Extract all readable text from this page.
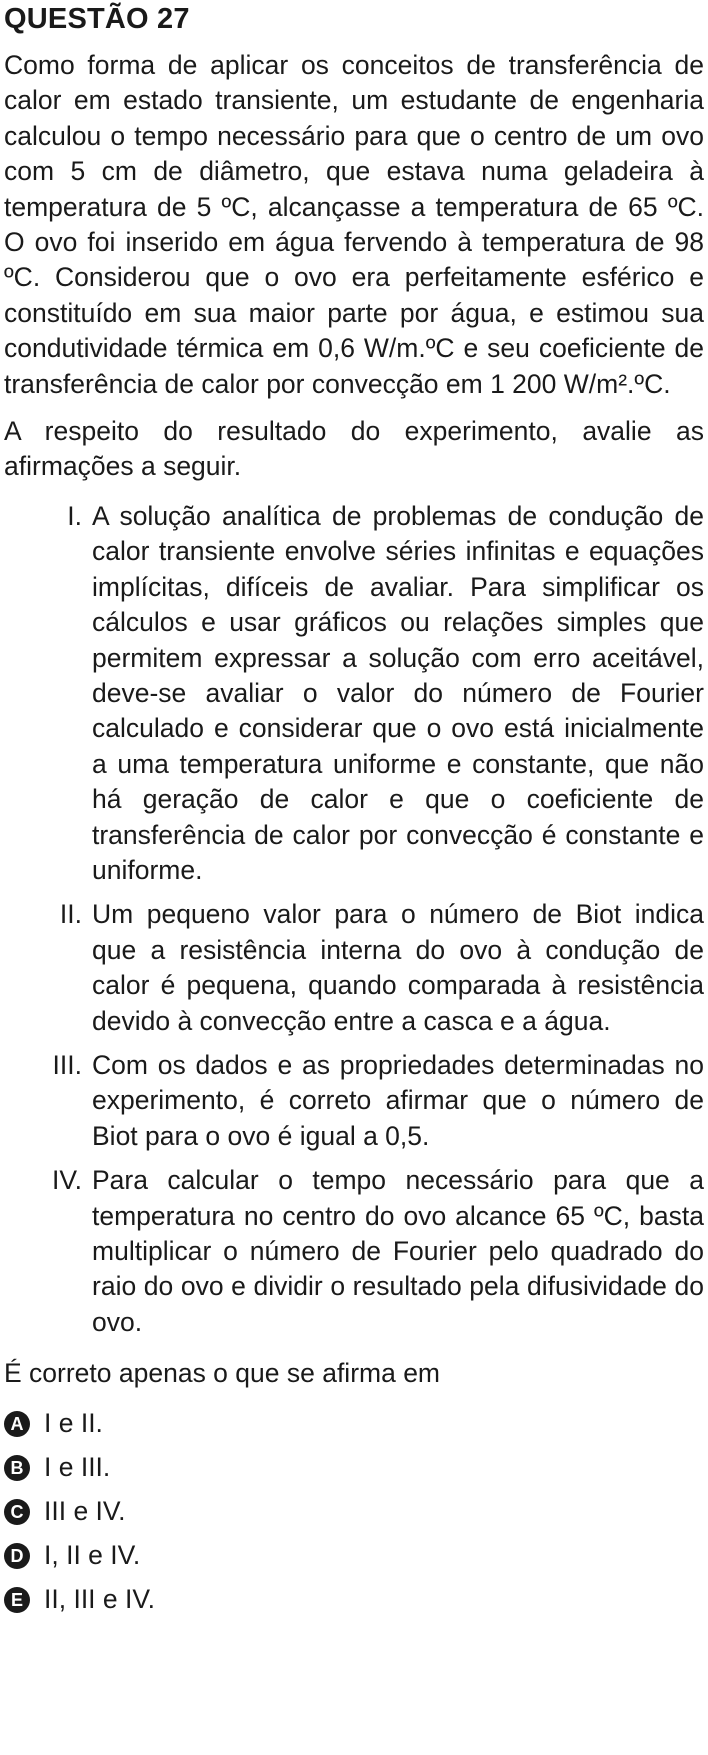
QUESTÃO 27

Como forma de aplicar os conceitos de transferência de calor em estado transiente, um estudante de engenharia calculou o tempo necessário para que o centro de um ovo com 5 cm de diâmetro, que estava numa geladeira à temperatura de 5 ºC, alcançasse a temperatura de 65 ºC. O ovo foi inserido em água fervendo à temperatura de 98 ºC. Considerou que o ovo era perfeitamente esférico e constituído em sua maior parte por água, e estimou sua condutividade térmica em 0,6 W/m.ºC e seu coeficiente de transferência de calor por convecção em 1 200 W/m².ºC.

A respeito do resultado do experimento, avalie as afirmações a seguir.

I. A solução analítica de problemas de condução de calor transiente envolve séries infinitas e equações implícitas, difíceis de avaliar. Para simplificar os cálculos e usar gráficos ou relações simples que permitem expressar a solução com erro aceitável, deve-se avaliar o valor do número de Fourier calculado e considerar que o ovo está inicialmente a uma temperatura uniforme e constante, que não há geração de calor e que o coeficiente de transferência de calor por convecção é constante e uniforme.
II. Um pequeno valor para o número de Biot indica que a resistência interna do ovo à condução de calor é pequena, quando comparada à resistência devido à convecção entre a casca e a água.
III. Com os dados e as propriedades determinadas no experimento, é correto afirmar que o número de Biot para o ovo é igual a 0,5.
IV. Para calcular o tempo necessário para que a temperatura no centro do ovo alcance 65 ºC, basta multiplicar o número de Fourier pelo quadrado do raio do ovo e dividir o resultado pela difusividade do ovo.

É correto apenas o que se afirma em

A I e II.
B I e III.
C III e IV.
D I, II e IV.
E II, III e IV.
